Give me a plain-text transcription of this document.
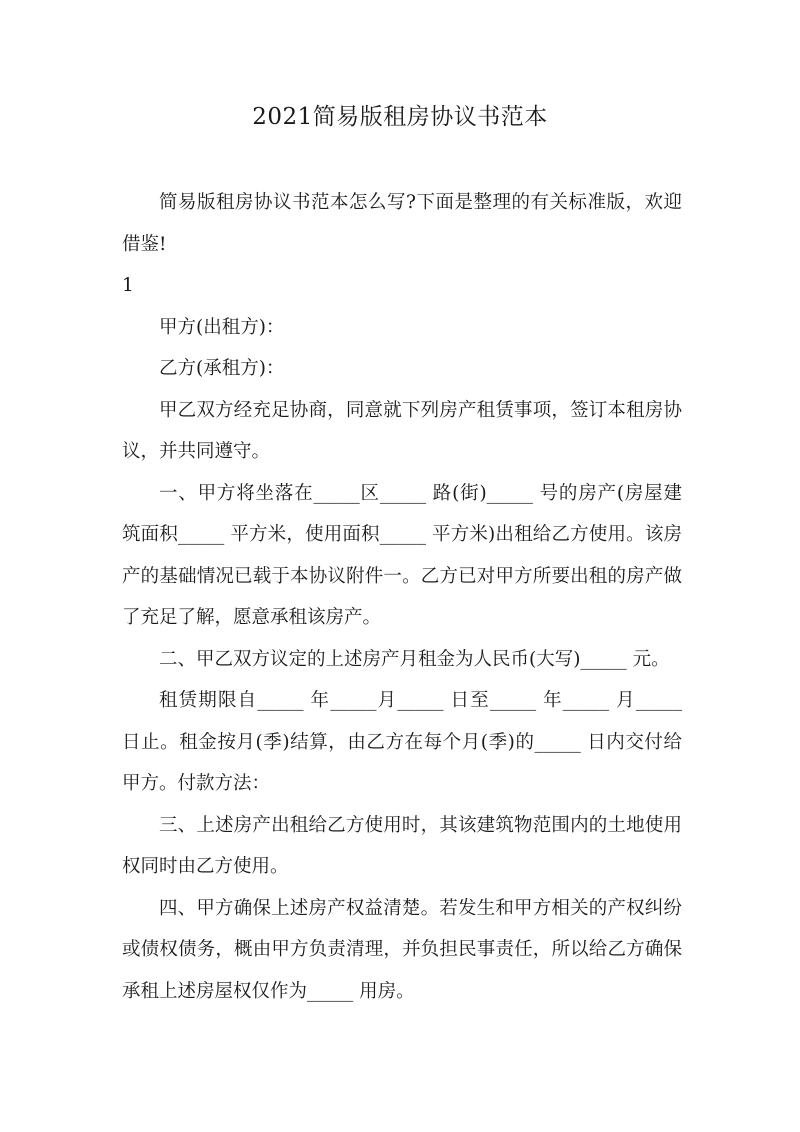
2021简易版租房协议书范本

简易版租房协议书范本怎么写?下面是整理的有关标准版，欢迎借鉴!

1

甲方(出租方)：

乙方(承租方)：

甲乙双方经充足协商，同意就下列房产租赁事项，签订本租房协议，并共同遵守。

一、甲方将坐落在_____区_____ 路(街)_____ 号的房产(房屋建筑面积_____ 平方米，使用面积_____ 平方米)出租给乙方使用。该房产的基础情况已载于本协议附件一。乙方已对甲方所要出租的房产做了充足了解，愿意承租该房产。

二、甲乙双方议定的上述房产月租金为人民币(大写)_____ 元。

租赁期限自_____ 年_____月_____ 日至_____ 年_____ 月_____日止。租金按月(季)结算，由乙方在每个月(季)的_____ 日内交付给甲方。付款方法：

三、上述房产出租给乙方使用时，其该建筑物范围内的土地使用权同时由乙方使用。

四、甲方确保上述房产权益清楚。若发生和甲方相关的产权纠纷或债权债务，概由甲方负责清理，并负担民事责任，所以给乙方确保承租上述房屋权仅作为_____ 用房。
